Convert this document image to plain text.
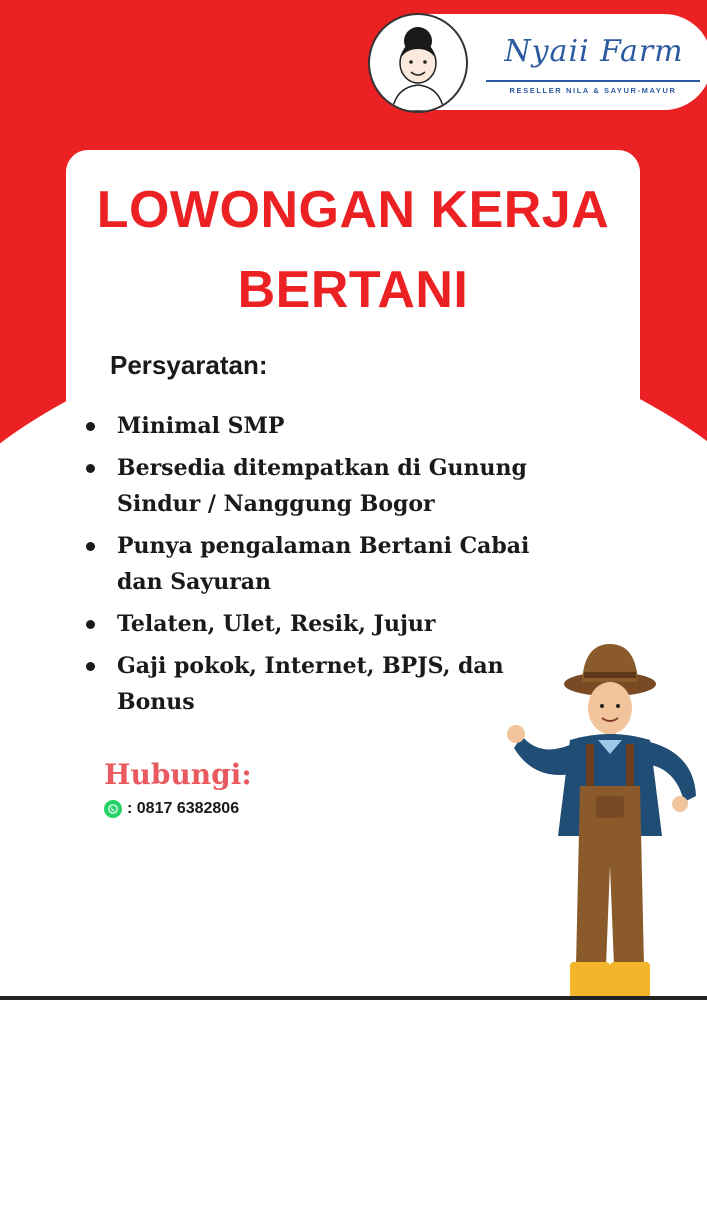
Nyaii Farm
RESELLER NILA & SAYUR-MAYUR
LOWONGAN KERJA
BERTANI
Persyaratan:
Minimal SMP
Bersedia ditempatkan di Gunung Sindur / Nanggung Bogor
Punya pengalaman Bertani Cabai dan Sayuran
Telaten, Ulet, Resik, Jujur
Gaji pokok, Internet, BPJS, dan Bonus
Hubungi:
: 0817 6382806
